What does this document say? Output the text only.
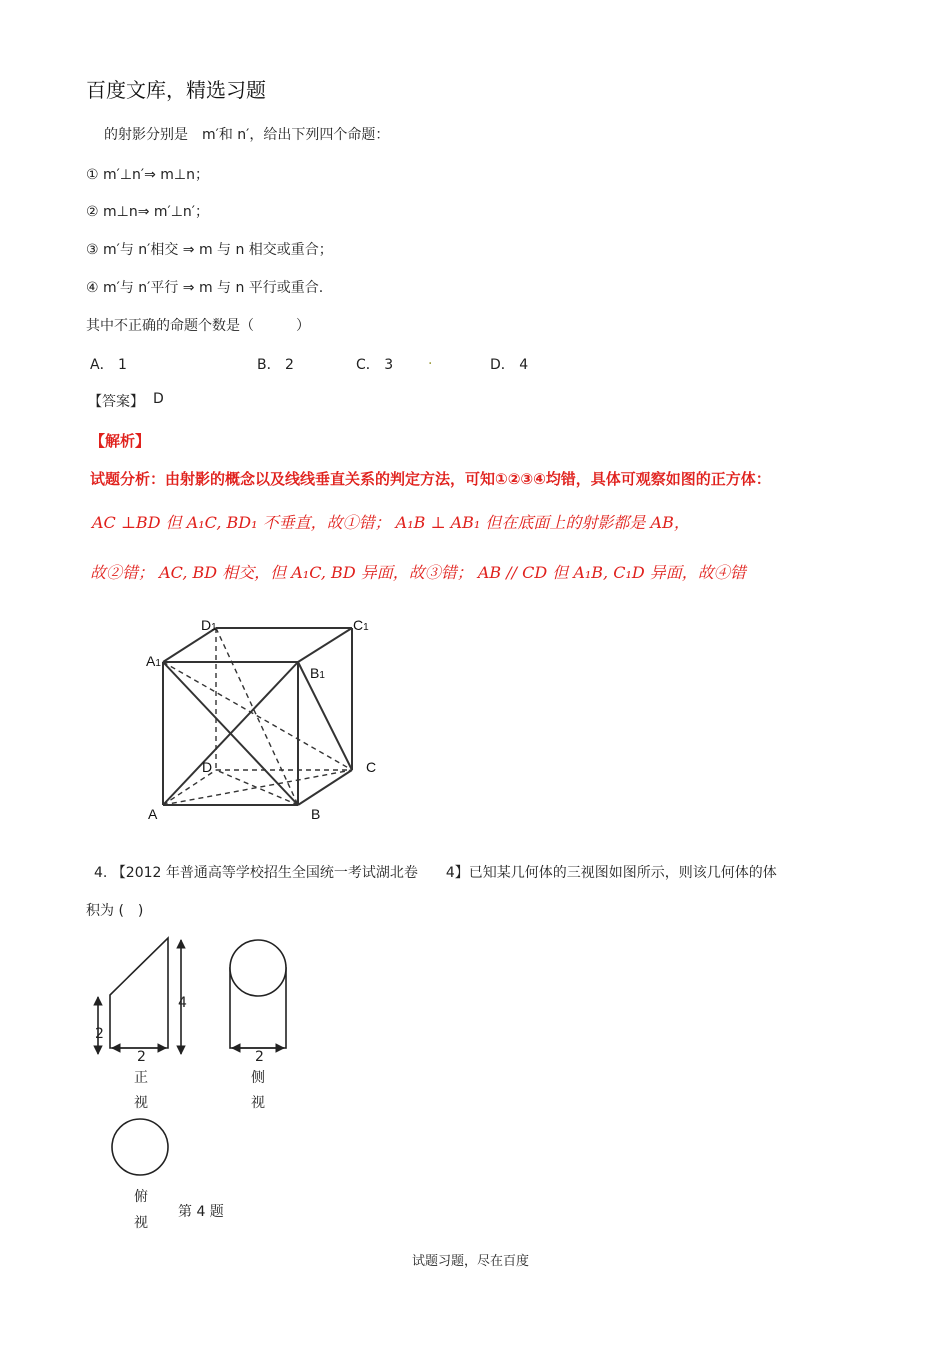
百度文库，精选习题
的射影分别是　m′和 n′，给出下列四个命题：
① m′⊥n′⇒ m⊥n；
② m⊥n⇒ m′⊥n′；
③ m′与 n′相交 ⇒ m 与 n 相交或重合；
④ m′与 n′平行 ⇒ m 与 n 平行或重合.
其中不正确的命题个数是（　　　）
A． 1	B． 2	C． 3 .	D． 4
【答案】 D
【解析】
试题分析：由射影的概念以及线线垂直关系的判定方法，可知①②③④均错，具体可观察如图的正方体：
AC ⊥BD 但 A₁C, BD₁ 不垂直，故①错； A₁B ⊥ AB₁ 但在底面上的射影都是 AB，
故②错； AC, BD 相交，但 A₁C, BD 异面，故③错； AB // CD 但 A₁B, C₁D 异面，故④错
D1	C1
A1
B1
D	C
A	B
4. 【2012 年普通高等学校招生全国统一考试湖北卷　　4】已知某几何体的三视图如图所示，则该几何体的体
积为 (　)
4
2
2
正
视
2
侧
视
俯
视
第 4 题
试题习题，尽在百度
